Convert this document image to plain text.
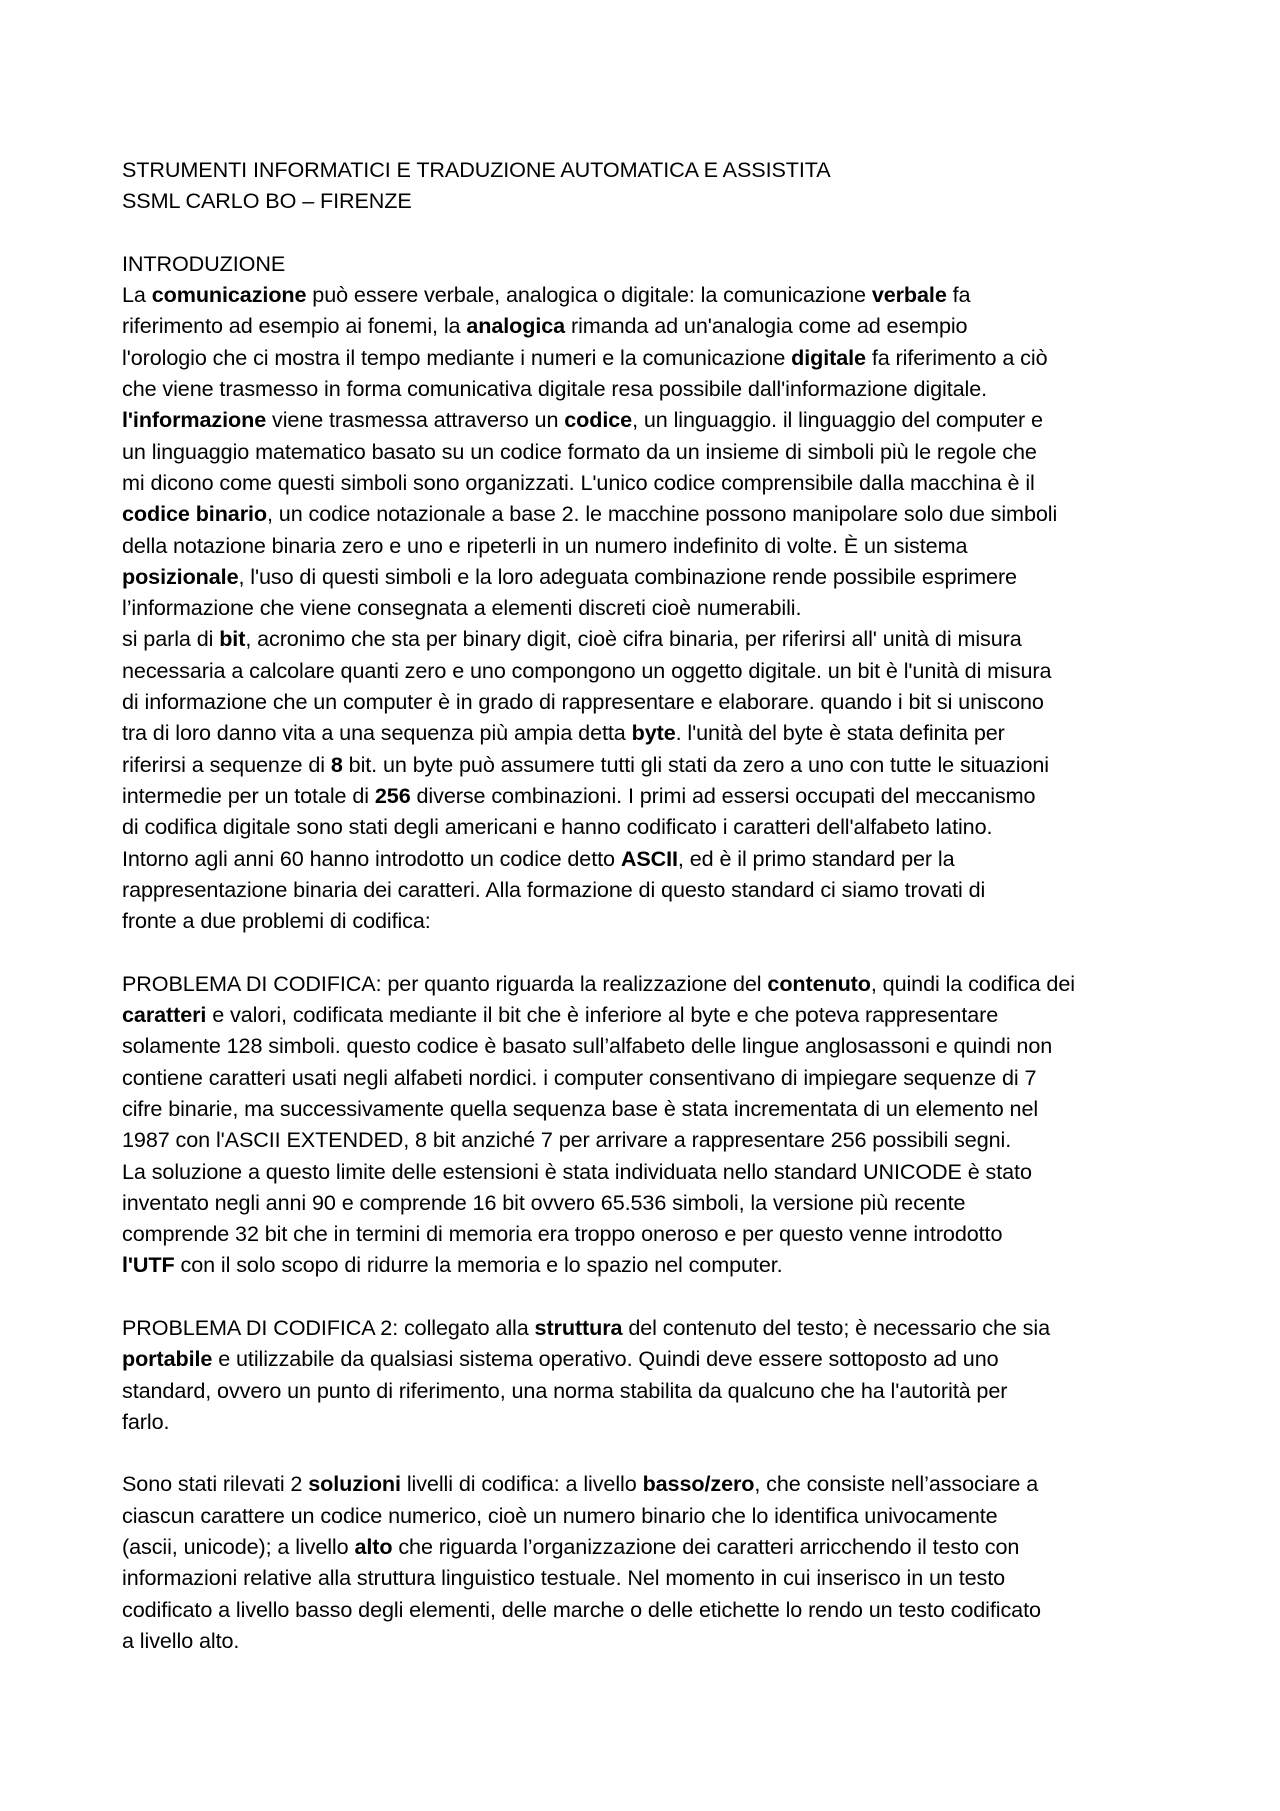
STRUMENTI INFORMATICI E TRADUZIONE AUTOMATICA E ASSISTITA

SSML CARLO BO – FIRENZE

INTRODUZIONE

La comunicazione può essere verbale, analogica o digitale: la comunicazione verbale fa

riferimento ad esempio ai fonemi, la analogica rimanda ad un'analogia come ad esempio

l'orologio che ci mostra il tempo mediante i numeri e la comunicazione digitale fa riferimento a ciò

che viene trasmesso in forma comunicativa digitale resa possibile dall'informazione digitale.

l'informazione viene trasmessa attraverso un codice, un linguaggio. il linguaggio del computer e

un linguaggio matematico basato su un codice formato da un insieme di simboli più le regole che

mi dicono come questi simboli sono organizzati. L'unico codice comprensibile dalla macchina è il

codice binario, un codice notazionale a base 2. le macchine possono manipolare solo due simboli

della notazione binaria zero e uno e ripeterli in un numero indefinito di volte. È un sistema

posizionale, l'uso di questi simboli e la loro adeguata combinazione rende possibile esprimere

l’informazione che viene consegnata a elementi discreti cioè numerabili.

si parla di bit, acronimo che sta per binary digit, cioè cifra binaria, per riferirsi all' unità di misura

necessaria a calcolare quanti zero e uno compongono un oggetto digitale. un bit è l'unità di misura

di informazione che un computer è in grado di rappresentare e elaborare. quando i bit si uniscono

tra di loro danno vita a una sequenza più ampia detta byte. l'unità del byte è stata definita per

riferirsi a sequenze di 8 bit. un byte può assumere tutti gli stati da zero a uno con tutte le situazioni

intermedie per un totale di 256 diverse combinazioni. I primi ad essersi occupati del meccanismo

di codifica digitale sono stati degli americani e hanno codificato i caratteri dell'alfabeto latino.

Intorno agli anni 60 hanno introdotto un codice detto ASCII, ed è il primo standard per la

rappresentazione binaria dei caratteri. Alla formazione di questo standard ci siamo trovati di

fronte a due problemi di codifica:

PROBLEMA DI CODIFICA: per quanto riguarda la realizzazione del contenuto, quindi la codifica dei

caratteri e valori, codificata mediante il bit che è inferiore al byte e che poteva rappresentare

solamente 128 simboli. questo codice è basato sull’alfabeto delle lingue anglosassoni e quindi non

contiene caratteri usati negli alfabeti nordici. i computer consentivano di impiegare sequenze di 7

cifre binarie, ma successivamente quella sequenza base è stata incrementata di un elemento nel

1987 con l'ASCII EXTENDED, 8 bit anziché 7 per arrivare a rappresentare 256 possibili segni.

La soluzione a questo limite delle estensioni è stata individuata nello standard UNICODE è stato

inventato negli anni 90 e comprende 16 bit ovvero 65.536 simboli, la versione più recente

comprende 32 bit che in termini di memoria era troppo oneroso e per questo venne introdotto

l'UTF con il solo scopo di ridurre la memoria e lo spazio nel computer.

PROBLEMA DI CODIFICA 2: collegato alla struttura del contenuto del testo; è necessario che sia

portabile e utilizzabile da qualsiasi sistema operativo. Quindi deve essere sottoposto ad uno

standard, ovvero un punto di riferimento, una norma stabilita da qualcuno che ha l'autorità per

farlo.

Sono stati rilevati 2 soluzioni livelli di codifica: a livello basso/zero, che consiste nell’associare a

ciascun carattere un codice numerico, cioè un numero binario che lo identifica univocamente

(ascii, unicode); a livello alto che riguarda l’organizzazione dei caratteri arricchendo il testo con

informazioni relative alla struttura linguistico testuale. Nel momento in cui inserisco in un testo

codificato a livello basso degli elementi, delle marche o delle etichette lo rendo un testo codificato

a livello alto.
